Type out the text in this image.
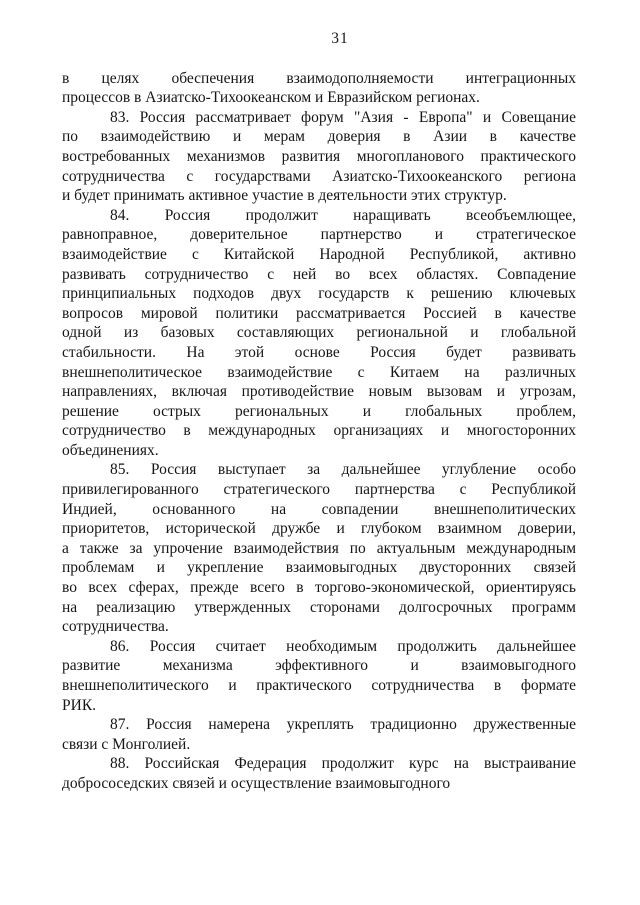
31
в целях обеспечения взаимодополняемости интеграционных
процессов в Азиатско-Тихоокеанском и Евразийском регионах.
83. Россия рассматривает форум "Азия - Европа" и Совещание
по взаимодействию и мерам доверия в Азии в качестве
востребованных механизмов развития многопланового практического
сотрудничества с государствами Азиатско-Тихоокеанского региона
и будет принимать активное участие в деятельности этих структур.
84. Россия продолжит наращивать всеобъемлющее,
равноправное, доверительное партнерство и стратегическое
взаимодействие с Китайской Народной Республикой, активно
развивать сотрудничество с ней во всех областях. Совпадение
принципиальных подходов двух государств к решению ключевых
вопросов мировой политики рассматривается Россией в качестве
одной из базовых составляющих региональной и глобальной
стабильности. На этой основе Россия будет развивать
внешнеполитическое взаимодействие с Китаем на различных
направлениях, включая противодействие новым вызовам и угрозам,
решение острых региональных и глобальных проблем,
сотрудничество в международных организациях и многосторонних
объединениях.
85. Россия выступает за дальнейшее углубление особо
привилегированного стратегического партнерства с Республикой
Индией, основанного на совпадении внешнеполитических
приоритетов, исторической дружбе и глубоком взаимном доверии,
а также за упрочение взаимодействия по актуальным международным
проблемам и укрепление взаимовыгодных двусторонних связей
во всех сферах, прежде всего в торгово-экономической, ориентируясь
на реализацию утвержденных сторонами долгосрочных программ
сотрудничества.
86. Россия считает необходимым продолжить дальнейшее
развитие механизма эффективного и взаимовыгодного
внешнеполитического и практического сотрудничества в формате
РИК.
87. Россия намерена укреплять традиционно дружественные
связи с Монголией.
88. Российская Федерация продолжит курс на выстраивание
добрососедских связей и осуществление взаимовыгодного
